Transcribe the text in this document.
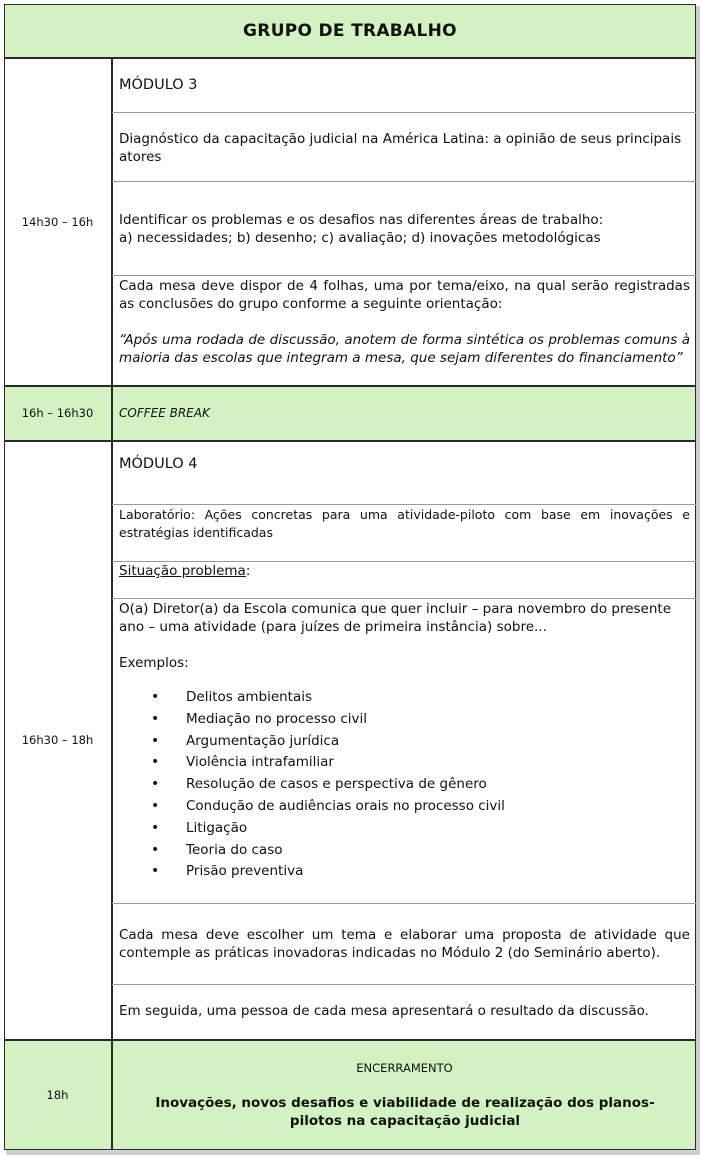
GRUPO DE TRABALHO
14h30 – 16h
MÓDULO 3
Diagnóstico da capacitação judicial na América Latina: a opinião de seus principais atores
Identificar os problemas e os desafios nas diferentes áreas de trabalho:
a) necessidades; b) desenho; c) avaliação; d) inovações metodológicas
Cada mesa deve dispor de 4 folhas, uma por tema/eixo, na qual serão registradas as conclusões do grupo conforme a seguinte orientação:
“Após uma rodada de discussão, anotem de forma sintética os problemas comuns à maioria das escolas que integram a mesa, que sejam diferentes do financiamento”
16h – 16h30	COFFEE BREAK
16h30 – 18h
MÓDULO 4
Laboratório: Ações concretas para uma atividade-piloto com base em inovações e estratégias identificadas
Situação problema:
O(a) Diretor(a) da Escola comunica que quer incluir – para novembro do presente ano – uma atividade (para juízes de primeira instância) sobre...
Exemplos:
• Delitos ambientais
• Mediação no processo civil
• Argumentação jurídica
• Violência intrafamiliar
• Resolução de casos e perspectiva de gênero
• Condução de audiências orais no processo civil
• Litigação
• Teoria do caso
• Prisão preventiva
Cada mesa deve escolher um tema e elaborar uma proposta de atividade que contemple as práticas inovadoras indicadas no Módulo 2 (do Seminário aberto).
Em seguida, uma pessoa de cada mesa apresentará o resultado da discussão.
18h
ENCERRAMENTO
Inovações, novos desafios e viabilidade de realização dos planos-pilotos na capacitação judicial
